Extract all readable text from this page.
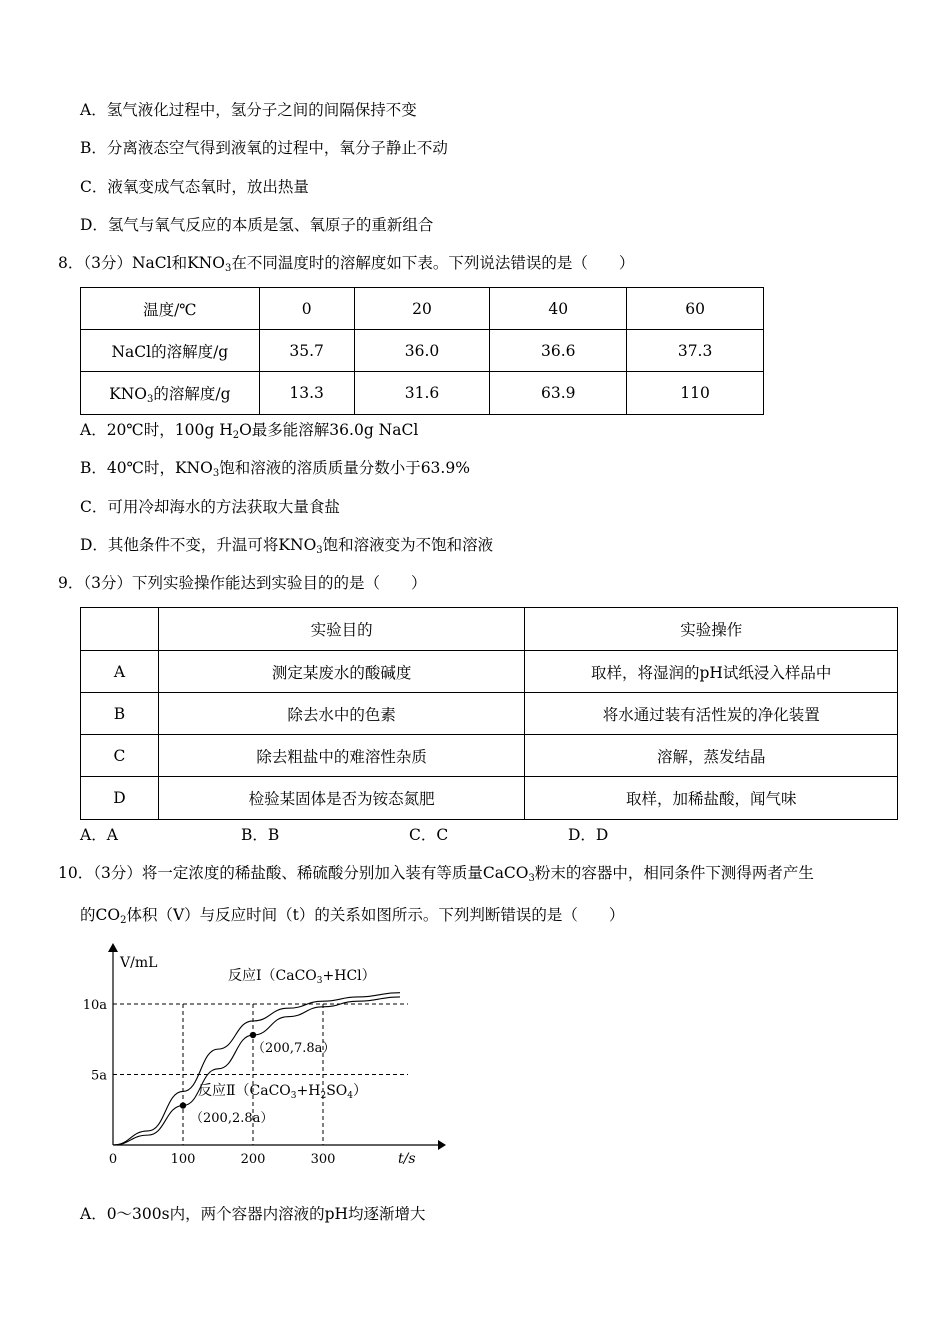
A．氢气液化过程中，氢分子之间的间隔保持不变
B．分离液态空气得到液氧的过程中，氧分子静止不动
C．液氧变成气态氧时，放出热量
D．氢气与氧气反应的本质是氢、氧原子的重新组合
8．（3分）NaCl和$KNO_3$在不同温度时的溶解度如下表。下列说法错误的是（　　）
温度/℃	0	20	40	60
NaCl的溶解度/g	35.7	36.0	36.6	37.3
$KNO_3$的溶解度/g	13.3	31.6	63.9	110
A．20℃时，100g $H_2O$最多能溶解36.0g NaCl
B．40℃时，$KNO_3$饱和溶液的溶质质量分数小于63.9%
C．可用冷却海水的方法获取大量食盐
D．其他条件不变，升温可将$KNO_3$饱和溶液变为不饱和溶液
9．（3分）下列实验操作能达到实验目的的是（　　）
	实验目的	实验操作
A	测定某废水的酸碱度	取样，将湿润的pH试纸浸入样品中
B	除去水中的色素	将水通过装有活性炭的净化装置
C	除去粗盐中的难溶性杂质	溶解，蒸发结晶
D	检验某固体是否为铵态氮肥	取样，加稀盐酸，闻气味
A．A	B．B	C．C	D．D
10．（3分）将一定浓度的稀盐酸、稀硫酸分别加入装有等质量CaCO$_3$粉末的容器中，相同条件下测得两者产生
的$CO_2$体积（V）与反应时间（t）的关系如图所示。下列判断错误的是（　　）
0	100	200	300
5a
10a
V/mL
t/s
反应Ⅰ（CaCO$_3$+HCl）
反应$Ⅱ(CaCO_3+H_2SO_4)$
（200,7.8a）
（200,2.8a）
A．0～300s内，两个容器内溶液的pH均逐渐增大
